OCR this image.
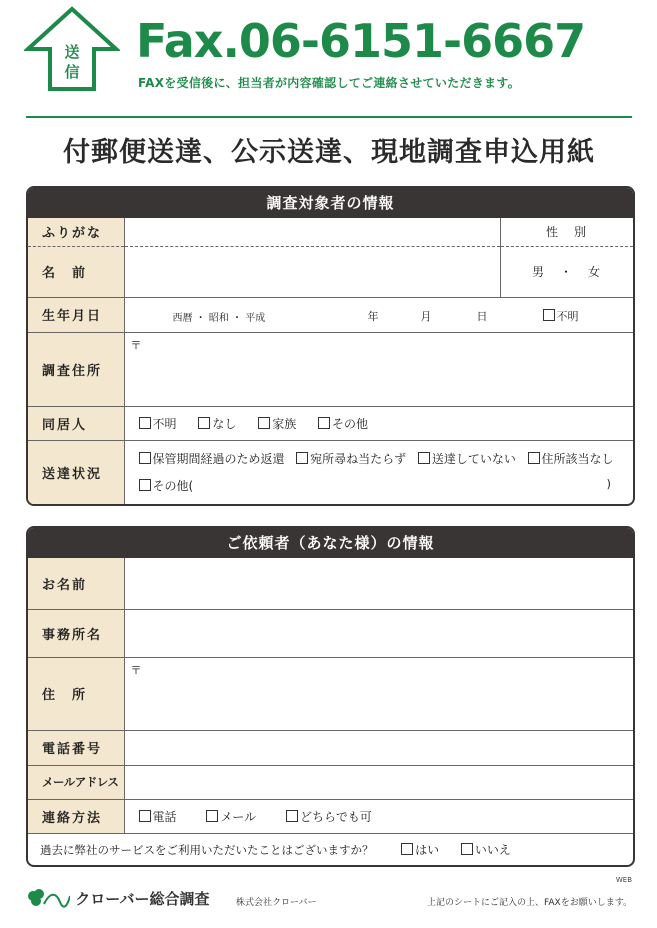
送
信
Fax.06-6151-6667
FAXを受信後に、担当者が内容確認してご連絡させていただきます。
付郵便送達、公示送達、現地調査申込用紙
調査対象者の情報
ふりがな		性　別
名　前		男　・　女
生年月日	西暦 ・ 昭和 ・ 平成 年 月 日 不明	

調査住所	〒	

同居人	不明 なし 家族 その他	
送達状況	保管期間経過のため返還 宛所尋ね当たらず 送達していない 住所該当なし
その他( )	
ご依頼者（あなた様）の情報
お名前	
事務所名	
住　所	〒

電話番号	
メールアドレス	
連絡方法	電話 メール どちらでも可
過去に弊社のサービスをご利用いただいたことはございますか？ はい いいえ	
WEB
クローバー総合調査	株式会社クローバー	上記のシートにご記入の上、FAXをお願いします。
